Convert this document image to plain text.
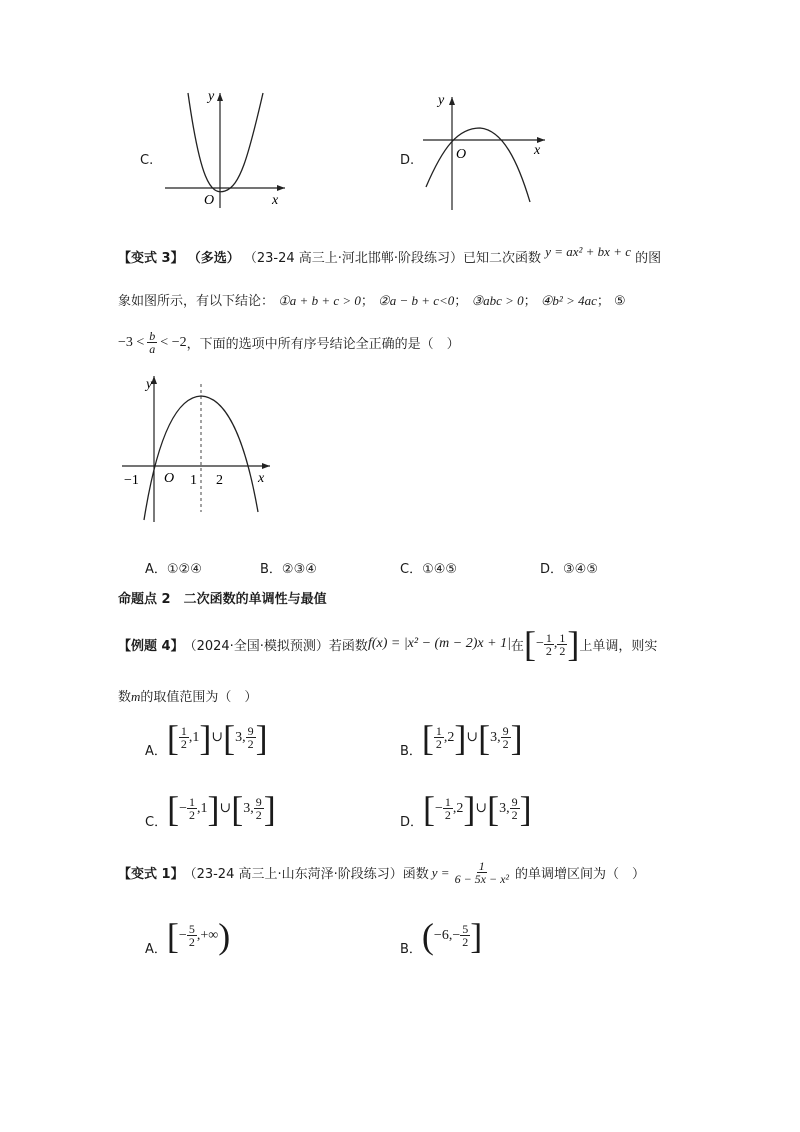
C.
y
x
O
D.
y
x
O
【变式 3】 （多选） （23-24 高三上·河北邯郸·阶段练习）已知二次函数 y = ax² + bx + c 的图
象如图所示，有以下结论： ①a + b + c > 0； ②a − b + c<0； ③abc > 0； ④b² > 4ac； ⑤
$-3 < \frac{b}{a} < -2$ ，下面的选项中所有序号结论全正确的是（　）
y
x
O
−1	1 2
A．①②④	B．②③④	C．①④⑤	D．③④⑤
命题点 2　二次函数的单调性与最值
【例题 4】 （2024·全国·模拟预测）若函数 f(x) = |x² − (m − 2)x + 1| 在 [ − $\frac{1}{2}$ , $\frac{1}{2}$ ] 上单调，则实
数m的取值范围为（　）
A． [ $\frac{1}{2}$ , 1 ] ∪ [ 3 , $\frac{9}{2}$ ]	B． [ $\frac{1}{2}$ , 2 ] ∪ [ 3 , $\frac{9}{2}$ ]
C． [ − $\frac{1}{2}$ , 1 ] ∪ [ 3 , $\frac{9}{2}$ ]	D． [ − $\frac{1}{2}$ , 2 ] ∪ [ 3 , $\frac{9}{2}$ ]
【变式 1】 （23-24 高三上·山东菏泽·阶段练习）函数 $y = \frac{1}{\text{6 − 5x − x²}}$ 的单调增区间为（　）
A． [ − $\frac{5}{2}$ , +∞ )	B． ( −6, − $\frac{5}{2}$ ]
